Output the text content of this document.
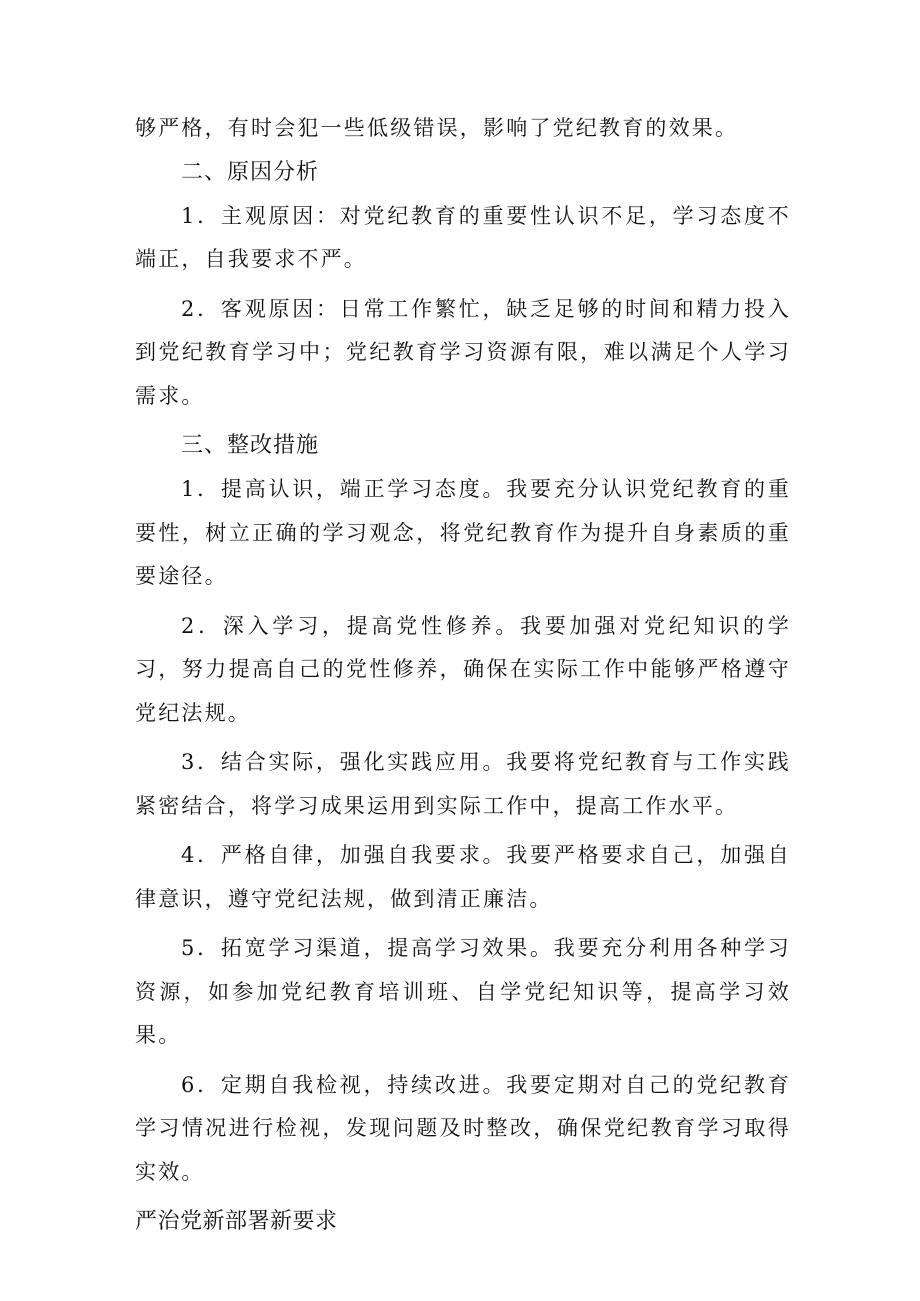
够严格，有时会犯一些低级错误，影响了党纪教育的效果。

二、原因分析

1．主观原因：对党纪教育的重要性认识不足，学习态度不端正，自我要求不严。

2．客观原因：日常工作繁忙，缺乏足够的时间和精力投入到党纪教育学习中；党纪教育学习资源有限，难以满足个人学习需求。

三、整改措施

1．提高认识，端正学习态度。我要充分认识党纪教育的重要性，树立正确的学习观念，将党纪教育作为提升自身素质的重要途径。

2．深入学习，提高党性修养。我要加强对党纪知识的学习，努力提高自己的党性修养，确保在实际工作中能够严格遵守党纪法规。

3．结合实际，强化实践应用。我要将党纪教育与工作实践紧密结合，将学习成果运用到实际工作中，提高工作水平。

4．严格自律，加强自我要求。我要严格要求自己，加强自律意识，遵守党纪法规，做到清正廉洁。

5．拓宽学习渠道，提高学习效果。我要充分利用各种学习资源，如参加党纪教育培训班、自学党纪知识等，提高学习效果。

6．定期自我检视，持续改进。我要定期对自己的党纪教育学习情况进行检视，发现问题及时整改，确保党纪教育学习取得实效。

严治党新部署新要求
